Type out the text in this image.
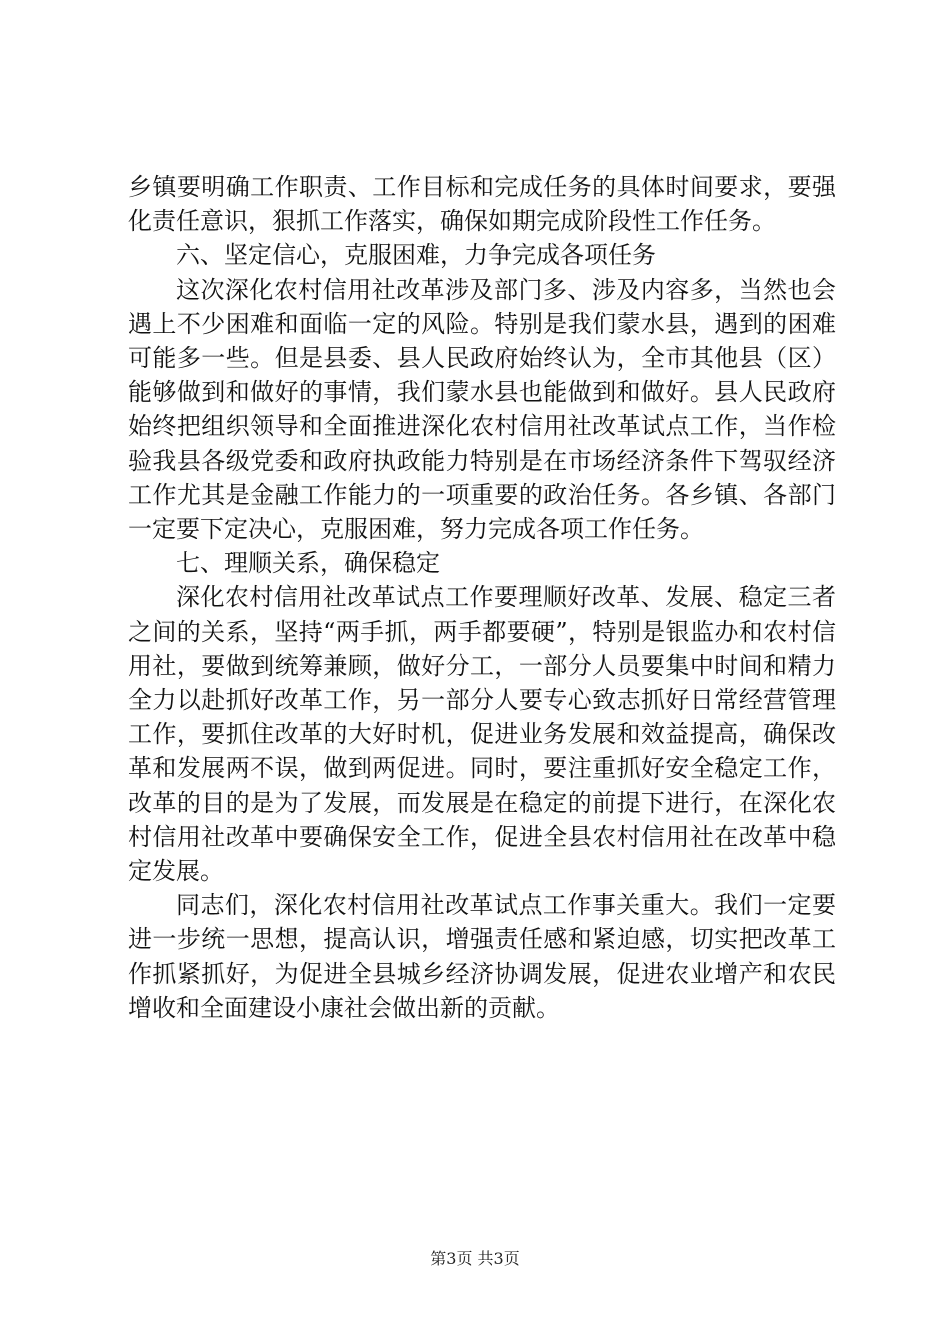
乡镇要明确工作职责、工作目标和完成任务的具体时间要求，要强化责任意识，狠抓工作落实，确保如期完成阶段性工作任务。

六、坚定信心，克服困难，力争完成各项任务

这次深化农村信用社改革涉及部门多、涉及内容多，当然也会遇上不少困难和面临一定的风险。特别是我们蒙水县，遇到的困难可能多一些。但是县委、县人民政府始终认为，全市其他县（区）能够做到和做好的事情，我们蒙水县也能做到和做好。县人民政府始终把组织领导和全面推进深化农村信用社改革试点工作，当作检验我县各级党委和政府执政能力特别是在市场经济条件下驾驭经济工作尤其是金融工作能力的一项重要的政治任务。各乡镇、各部门一定要下定决心，克服困难，努力完成各项工作任务。

七、理顺关系，确保稳定

深化农村信用社改革试点工作要理顺好改革、发展、稳定三者之间的关系，坚持“两手抓，两手都要硬”，特别是银监办和农村信用社，要做到统筹兼顾，做好分工，一部分人员要集中时间和精力全力以赴抓好改革工作，另一部分人要专心致志抓好日常经营管理工作，要抓住改革的大好时机，促进业务发展和效益提高，确保改革和发展两不误，做到两促进。同时，要注重抓好安全稳定工作，改革的目的是为了发展，而发展是在稳定的前提下进行，在深化农村信用社改革中要确保安全工作，促进全县农村信用社在改革中稳定发展。

同志们，深化农村信用社改革试点工作事关重大。我们一定要进一步统一思想，提高认识，增强责任感和紧迫感，切实把改革工作抓紧抓好，为促进全县城乡经济协调发展，促进农业增产和农民增收和全面建设小康社会做出新的贡献。

第3页 共3页
